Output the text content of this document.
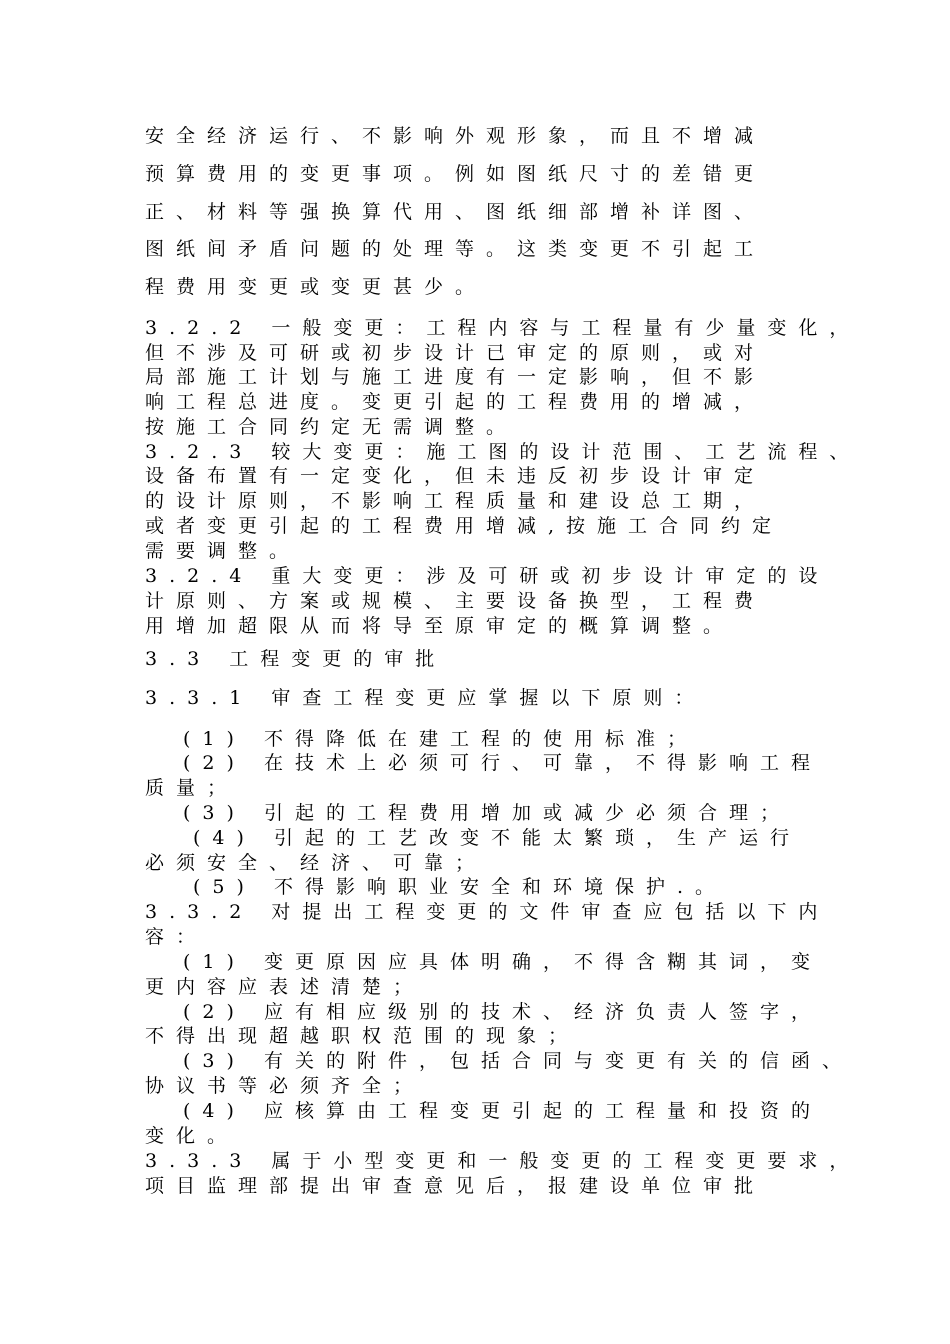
安全经济运行、不影响外观形象，而且不增减
预算费用的变更事项。例如图纸尺寸的差错更
正、材料等强换算代用、图纸细部增补详图、
图纸间矛盾问题的处理等。这类变更不引起工
程费用变更或变更甚少。
3.2.2 一般变更：工程内容与工程量有少量变化，
但不涉及可研或初步设计已审定的原则，或对
局部施工计划与施工进度有一定影响，但不影
响工程总进度。变更引起的工程费用的增减，
按施工合同约定无需调整。
3.2.3 较大变更：施工图的设计范围、工艺流程、
设备布置有一定变化，但未违反初步设计审定
的设计原则，不影响工程质量和建设总工期，
或者变更引起的工程费用增减,按施工合同约定
需要调整。
3.2.4 重大变更：涉及可研或初步设计审定的设
计原则、方案或规模、主要设备换型，工程费
用增加超限从而将导至原审定的概算调整。
3.3 工程变更的审批
3.3.1 审查工程变更应掌握以下原则：
(1) 不得降低在建工程的使用标准；
(2) 在技术上必须可行、可靠，不得影响工程
质量；
(3) 引起的工程费用增加或减少必须合理；
(4) 引起的工艺改变不能太繁琐，生产运行
必须安全、经济、可靠；
(5) 不得影响职业安全和环境保护.。
3.3.2 对提出工程变更的文件审查应包括以下内
容：
(1) 变更原因应具体明确，不得含糊其词，变
更内容应表述清楚；
(2) 应有相应级别的技术、经济负责人签字，
不得出现超越职权范围的现象；
(3) 有关的附件，包括合同与变更有关的信函、
协议书等必须齐全；
(4) 应核算由工程变更引起的工程量和投资的
变化。
3.3.3 属于小型变更和一般变更的工程变更要求，
项目监理部提出审查意见后，报建设单位审批
